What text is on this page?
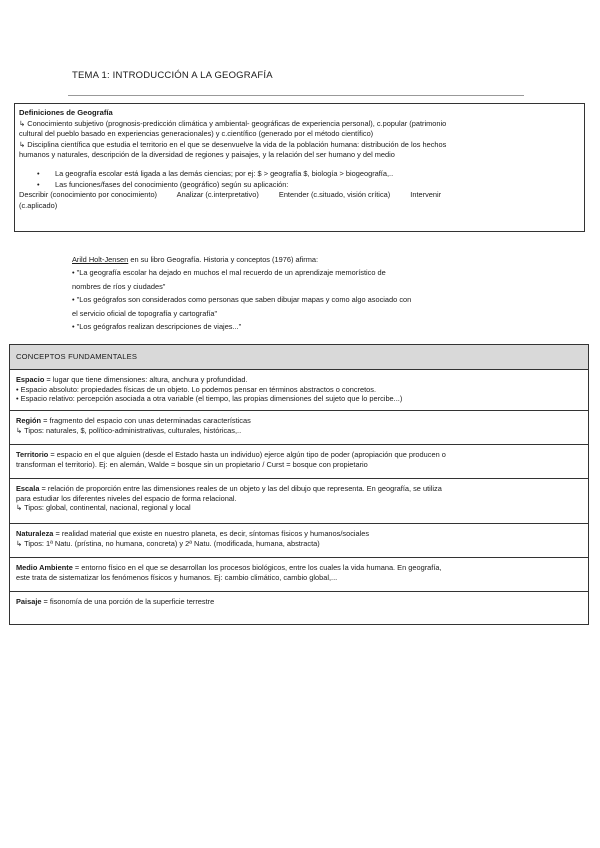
TEMA 1: INTRODUCCIÓN A LA GEOGRAFÍA
Definiciones de Geografía
↳ Conocimiento subjetivo (prognosis-predicción climática y ambiental- geográficas de experiencia personal), c.popular (patrimonio
cultural del pueblo basado en experiencias generacionales) y c.científico (generado por el método científico)
↳ Disciplina científica que estudia el territorio en el que se desenvuelve la vida de la población humana: distribución de los hechos
humanos y naturales, descripción de la diversidad de regiones y paisajes, y la relación del ser humano y del medio
• La geografía escolar está ligada a las demás ciencias; por ej: $ > geografía $, biología > biogeografía,..
• Las funciones/fases del conocimiento (geográfico) según su aplicación:
Describir (conocimiento por conocimiento)	Analizar (c.interpretativo)	Entender (c.situado, visión crítica)	Intervenir
(c.aplicado)
Arild Holt-Jensen en su libro Geografía. Historia y conceptos (1976) afirma:
• "La geografía escolar ha dejado en muchos el mal recuerdo de un aprendizaje memorístico de
nombres de ríos y ciudades"
• "Los geógrafos son considerados como personas que saben dibujar mapas y como algo asociado con
el servicio oficial de topografía y cartografía"
• "Los geógrafos realizan descripciones de viajes..."
CONCEPTOS FUNDAMENTALES
Espacio = lugar que tiene dimensiones: altura, anchura y profundidad.
• Espacio absoluto: propiedades físicas de un objeto. Lo podemos pensar en términos abstractos o concretos.
• Espacio relativo: percepción asociada a otra variable (el tiempo, las propias dimensiones del sujeto que lo percibe...)
Región = fragmento del espacio con unas determinadas características
↳ Tipos: naturales, $, político-administrativas, culturales, históricas,..
Territorio = espacio en el que alguien (desde el Estado hasta un individuo) ejerce algún tipo de poder (apropiación que producen o
transforman el territorio). Ej: en alemán, Walde = bosque sin un propietario / Curst = bosque con propietario
Escala = relación de proporción entre las dimensiones reales de un objeto y las del dibujo que representa. En geografía, se utiliza
para estudiar los diferentes niveles del espacio de forma relacional.
↳ Tipos: global, continental, nacional, regional y local
Naturaleza = realidad material que existe en nuestro planeta, es decir, síntomas físicos y humanos/sociales
↳ Tipos: 1ª Natu. (prístina, no humana, concreta) y 2ª Natu. (modificada, humana, abstracta)
Medio Ambiente = entorno físico en el que se desarrollan los procesos biológicos, entre los cuales la vida humana. En geografía,
este trata de sistematizar los fenómenos físicos y humanos. Ej: cambio climático, cambio global,...
Paisaje = fisonomía de una porción de la superficie terrestre
